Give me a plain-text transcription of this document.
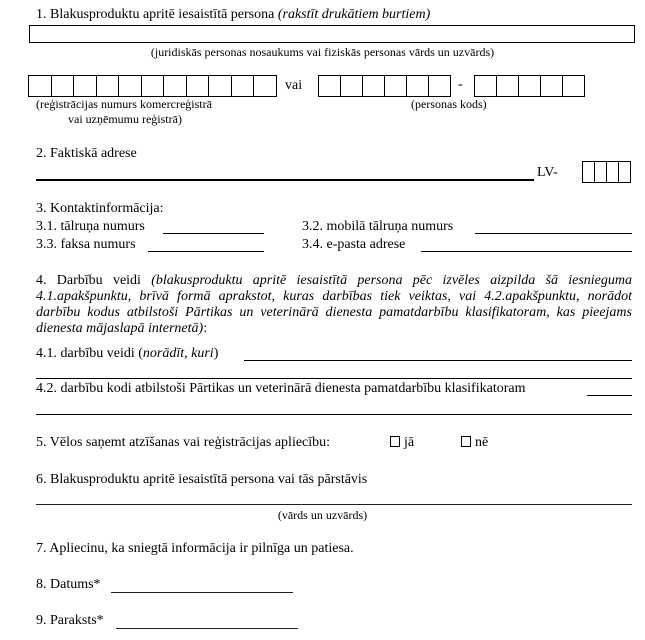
1. Blakusproduktu apritē iesaistītā persona (rakstīt drukātiem burtiem)
(juridiskās personas nosaukums vai fiziskās personas vārds un uzvārds)
vai	-
(reģistrācijas numurs komercreģistrā
vai uzņēmumu reģistrā)
(personas kods)
2. Faktiskā adrese
LV-
3. Kontaktinformācija:
3.1. tālruņa numurs	3.2. mobilā tālruņa numurs
3.3. faksa numurs	3.4. e-pasta adrese
4. Darbību veidi (blakusproduktu apritē iesaistītā persona pēc izvēles aizpilda šā iesnieguma 4.1.apakšpunktu, brīvā formā aprakstot, kuras darbības tiek veiktas, vai 4.2.apakšpunktu, norādot darbību kodus atbilstoši Pārtikas un veterinārā dienesta pamatdarbību klasifikatoram, kas pieejams dienesta mājaslapā internetā):
4.1. darbību veidi (norādīt, kuri)
4.2. darbību kodi atbilstoši Pārtikas un veterinārā dienesta pamatdarbību klasifikatoram
5. Vēlos saņemt atzīšanas vai reģistrācijas apliecību:	jā	nē
6. Blakusproduktu apritē iesaistītā persona vai tās pārstāvis
(vārds un uzvārds)
7. Apliecinu, ka sniegtā informācija ir pilnīga un patiesa.
8. Datums*
9. Paraksts*
